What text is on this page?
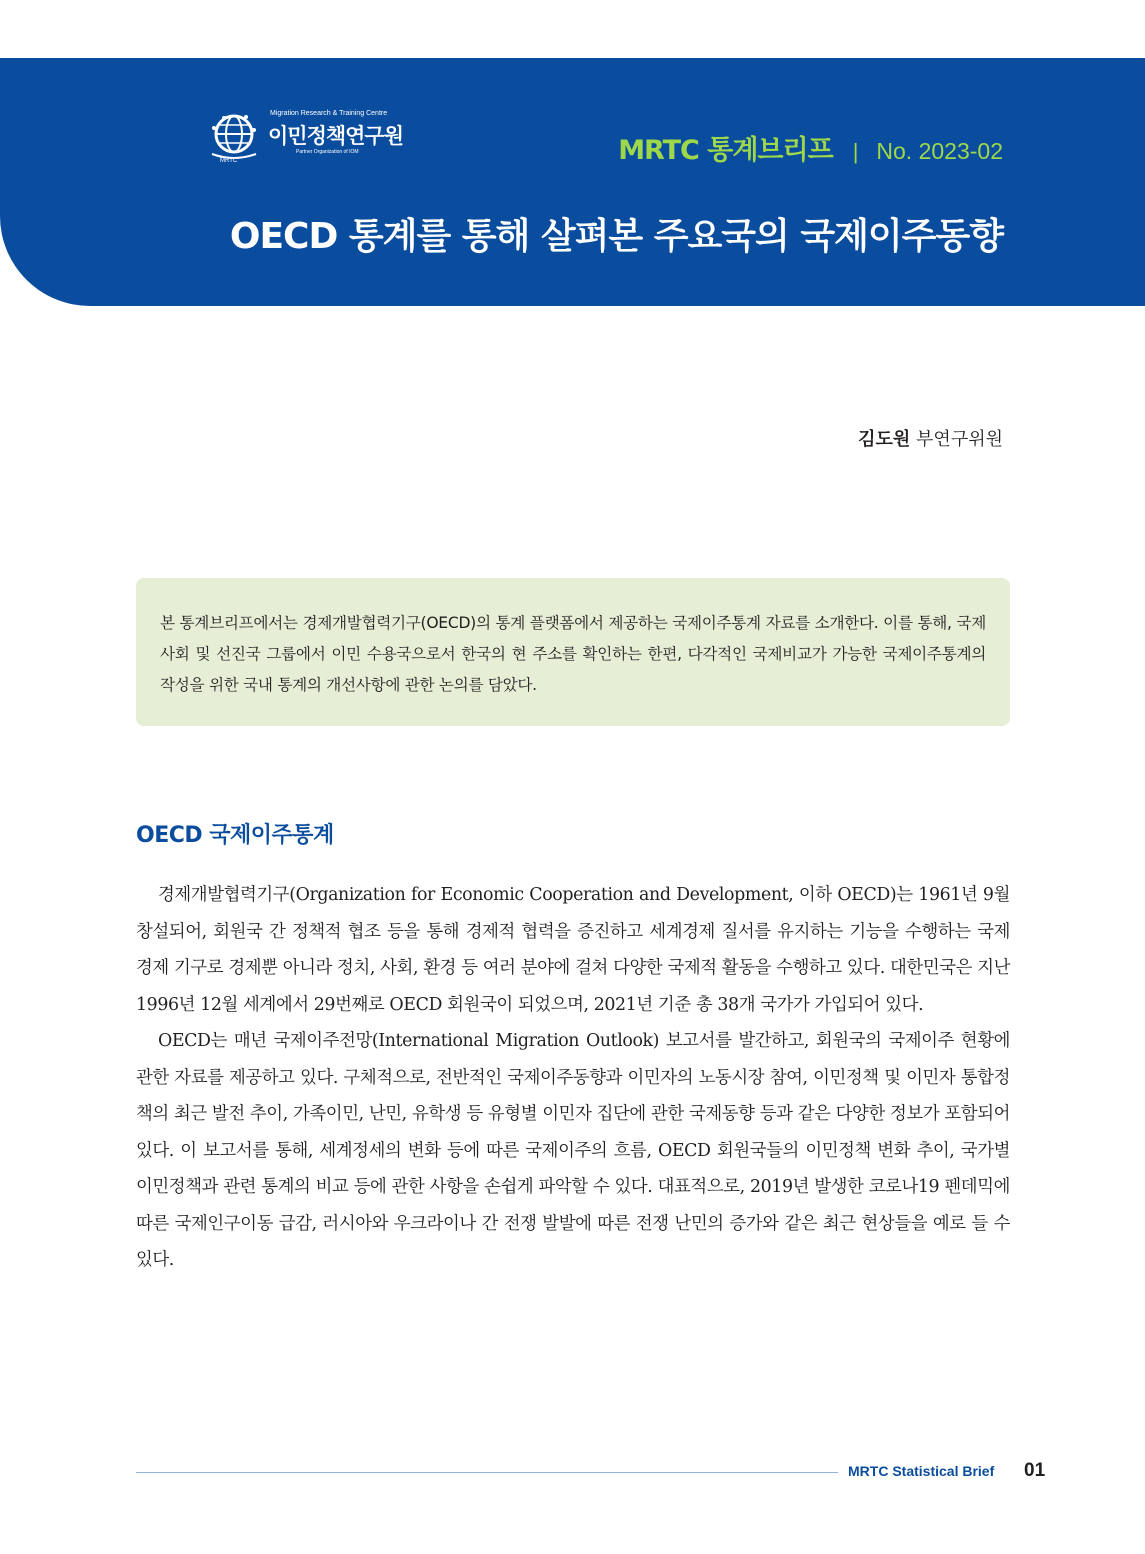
MRTC
Migration Research & Training Centre
이민정책연구원
Partner Organization of IOM	MRTC 통계브리프 | No. 2023-02
OECD 통계를 통해 살펴본 주요국의 국제이주동향
김도원 부연구위원

본 통계브리프에서는 경제개발협력기구(OECD)의 통계 플랫폼에서 제공하는 국제이주통계 자료를 소개한다. 이를 통해, 국제사회 및 선진국 그룹에서 이민 수용국으로서 한국의 현 주소를 확인하는 한편, 다각적인 국제비교가 가능한 국제이주통계의 작성을 위한 국내 통계의 개선사항에 관한 논의를 담았다.

OECD 국제이주통계

경제개발협력기구(Organization for Economic Cooperation and Development, 이하 OECD)는 1961년 9월 창설되어, 회원국 간 정책적 협조 등을 통해 경제적 협력을 증진하고 세계경제 질서를 유지하는 기능을 수행하는 국제 경제 기구로 경제뿐 아니라 정치, 사회, 환경 등 여러 분야에 걸쳐 다양한 국제적 활동을 수행하고 있다. 대한민국은 지난 1996년 12월 세계에서 29번째로 OECD 회원국이 되었으며, 2021년 기준 총 38개 국가가 가입되어 있다.

OECD는 매년 국제이주전망(International Migration Outlook) 보고서를 발간하고, 회원국의 국제이주 현황에 관한 자료를 제공하고 있다. 구체적으로, 전반적인 국제이주동향과 이민자의 노동시장 참여, 이민정책 및 이민자 통합정책의 최근 발전 추이, 가족이민, 난민, 유학생 등 유형별 이민자 집단에 관한 국제동향 등과 같은 다양한 정보가 포함되어 있다. 이 보고서를 통해, 세계정세의 변화 등에 따른 국제이주의 흐름, OECD 회원국들의 이민정책 변화 추이, 국가별 이민정책과 관련 통계의 비교 등에 관한 사항을 손쉽게 파악할 수 있다. 대표적으로, 2019년 발생한 코로나19 펜데믹에 따른 국제인구이동 급감, 러시아와 우크라이나 간 전쟁 발발에 따른 전쟁 난민의 증가와 같은 최근 현상들을 예로 들 수 있다.

MRTC Statistical Brief 01
